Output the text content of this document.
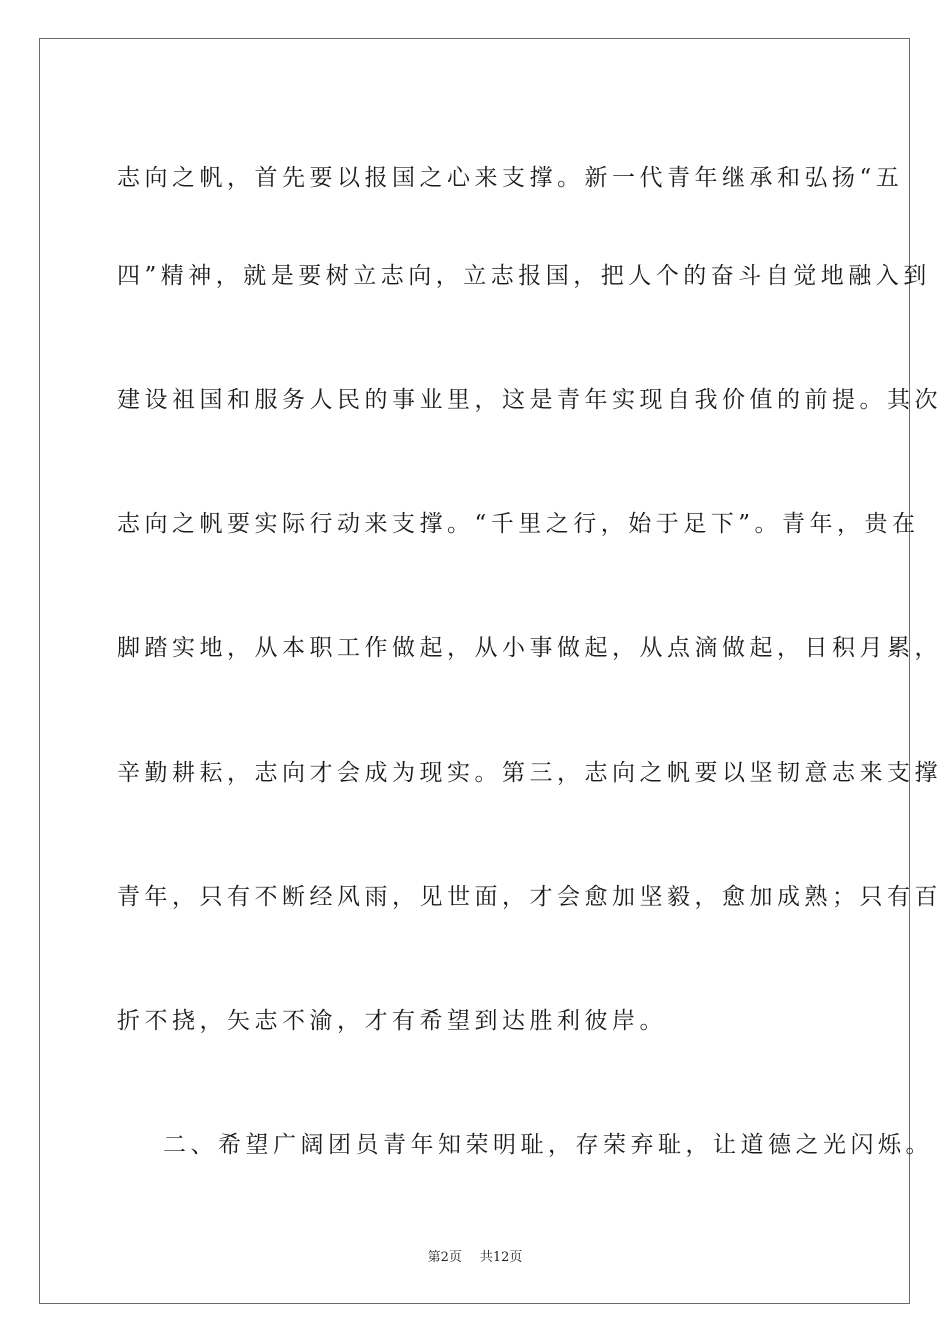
志向之帆，首先要以报国之心来支撑。新一代青年继承和弘扬“五
四”精神，就是要树立志向，立志报国，把人个的奋斗自觉地融入到
建设祖国和服务人民的事业里，这是青年实现自我价值的前提。其次
志向之帆要实际行动来支撑。“千里之行，始于足下”。青年，贵在
脚踏实地，从本职工作做起，从小事做起，从点滴做起，日积月累，
辛勤耕耘，志向才会成为现实。第三，志向之帆要以坚韧意志来支撑
青年，只有不断经风雨，见世面，才会愈加坚毅，愈加成熟；只有百
折不挠，矢志不渝，才有希望到达胜利彼岸。
二、希望广阔团员青年知荣明耻，存荣弃耻，让道德之光闪烁。
第2页 共12页
